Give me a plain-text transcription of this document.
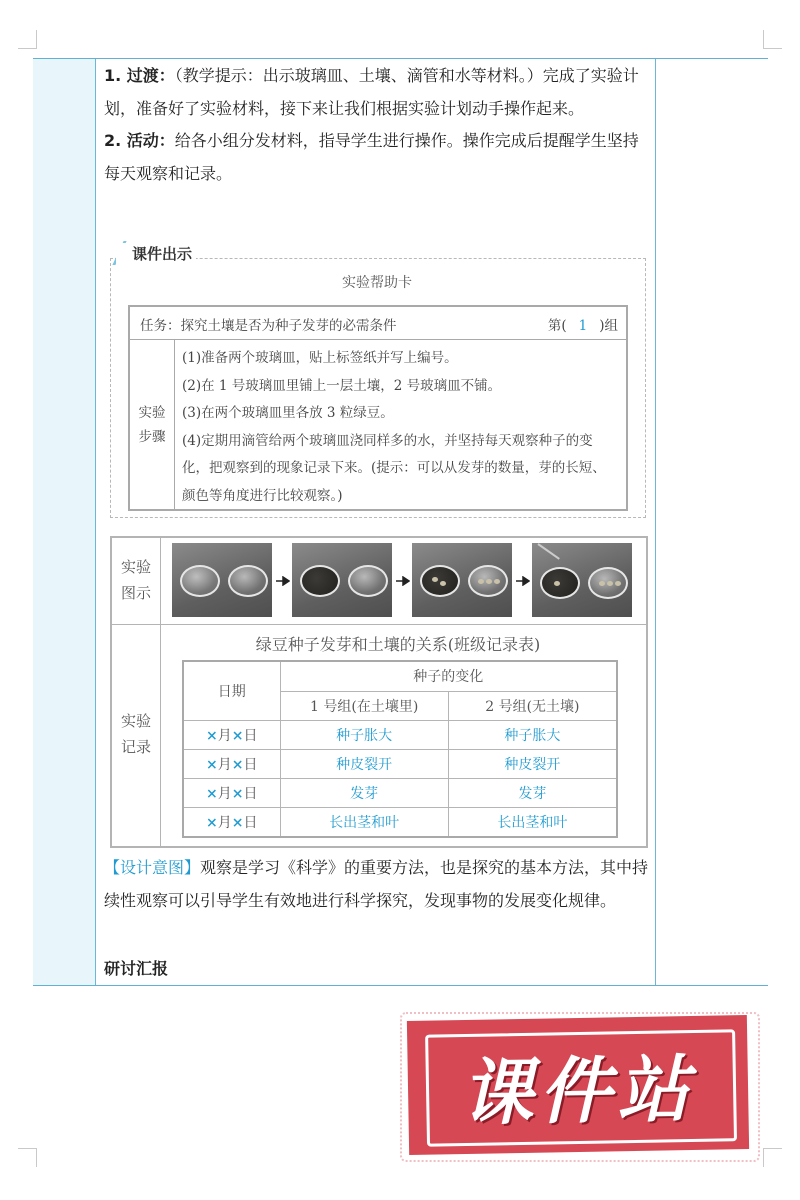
1. 过渡：（教学提示：出示玻璃皿、土壤、滴管和水等材料。）完成了实验计划，准备好了实验材料，接下来让我们根据实验计划动手操作起来。

2. 活动：给各小组分发材料，指导学生进行操作。操作完成后提醒学生坚持每天观察和记录。

课件出示
实验帮助卡
任务：探究土壤是否为种子发芽的必需条件	第( 1 )组
实验步骤

(1)准备两个玻璃皿，贴上标签纸并写上编号。

(2)在 1 号玻璃皿里铺上一层土壤，2 号玻璃皿不铺。

(3)在两个玻璃皿里各放 3 粒绿豆。

(4)定期用滴管给两个玻璃皿浇同样多的水，并坚持每天观察种子的变化，把观察到的现象记录下来。(提示：可以从发芽的数量，芽的长短、颜色等角度进行比较观察。)

实验图示
实验记录
绿豆种子发芽和土壤的关系(班级记录表)
日期	种子的变化	
	1 号组(在土壤里)	2 号组(无土壤)
×月×日	种子胀大	种子胀大
×月×日	种皮裂开	种皮裂开
×月×日	发芽	发芽
×月×日	长出茎和叶	长出茎和叶
【设计意图】观察是学习《科学》的重要方法，也是探究的基本方法，其中持续性观察可以引导学生有效地进行科学探究，发现事物的发展变化规律。
研讨汇报
课件站
